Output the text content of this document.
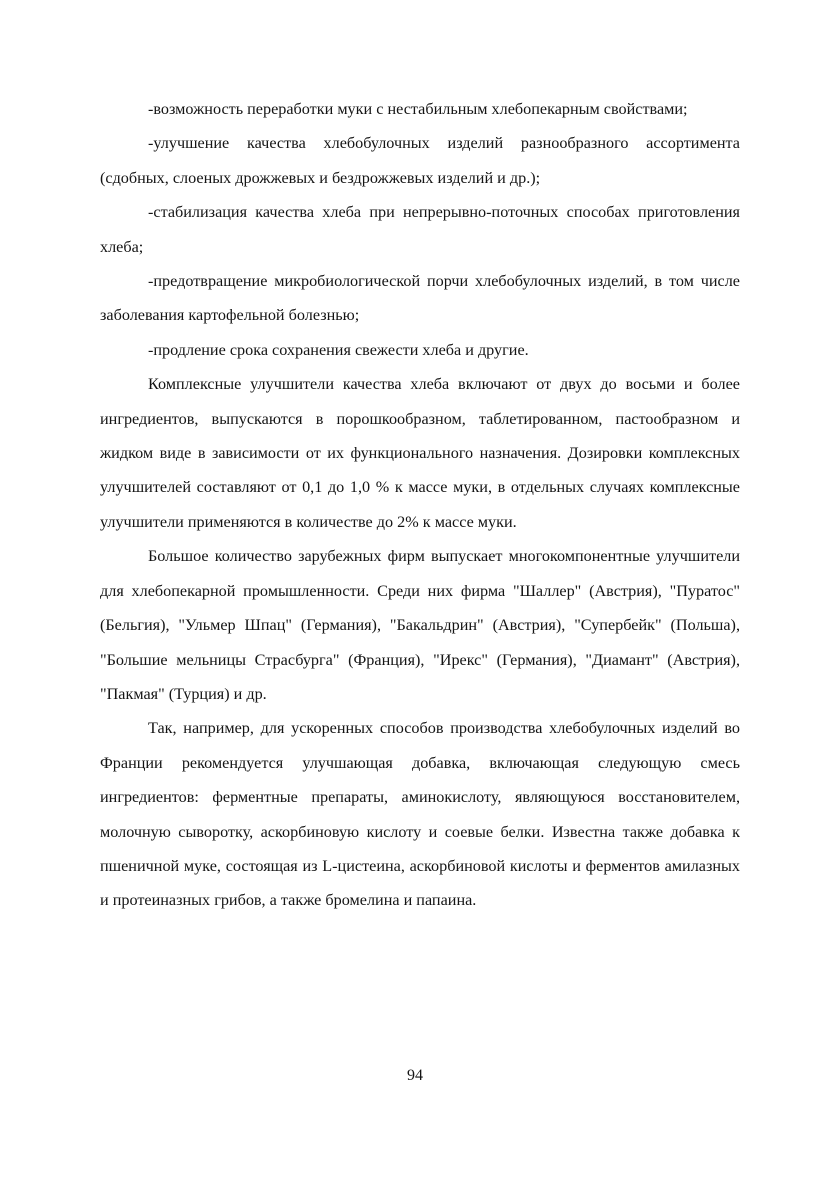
-возможность переработки муки с нестабильным хлебопекарным свойствами;

-улучшение качества хлебобулочных изделий разнообразного ассортимента (сдобных, слоеных дрожжевых и бездрожжевых изделий и др.);

-стабилизация качества хлеба при непрерывно-поточных способах приготовления хлеба;

-предотвращение микробиологической порчи хлебобулочных изделий, в том числе заболевания картофельной болезнью;

-продление срока сохранения свежести хлеба и другие.

Комплексные улучшители качества хлеба включают от двух до восьми и более ингредиентов, выпускаются в порошкообразном, таблетированном, пастообразном и жидком виде в зависимости от их функционального назначения. Дозировки комплексных улучшителей составляют от 0,1 до 1,0 % к массе муки, в отдельных случаях комплексные улучшители применяются в количестве до 2% к массе муки.

Большое количество зарубежных фирм выпускает многокомпонентные улучшители для хлебопекарной промышленности. Среди них фирма "Шаллер" (Австрия), "Пуратос" (Бельгия), "Ульмер Шпац" (Германия), "Бакальдрин" (Австрия), "Супербейк" (Польша), "Большие мельницы Страсбурга" (Франция), "Ирекс" (Германия), "Диамант" (Австрия), "Пакмая" (Турция) и др.

Так, например, для ускоренных способов производства хлебобулочных изделий во Франции рекомендуется улучшающая добавка, включающая следующую смесь ингредиентов: ферментные препараты, аминокислоту, являющуюся восстановителем, молочную сыворотку, аскорбиновую кислоту и соевые белки. Известна также добавка к пшеничной муке, состоящая из L-цистеина, аскорбиновой кислоты и ферментов амилазных и протеиназных грибов, а также бромелина и папаина.

94
